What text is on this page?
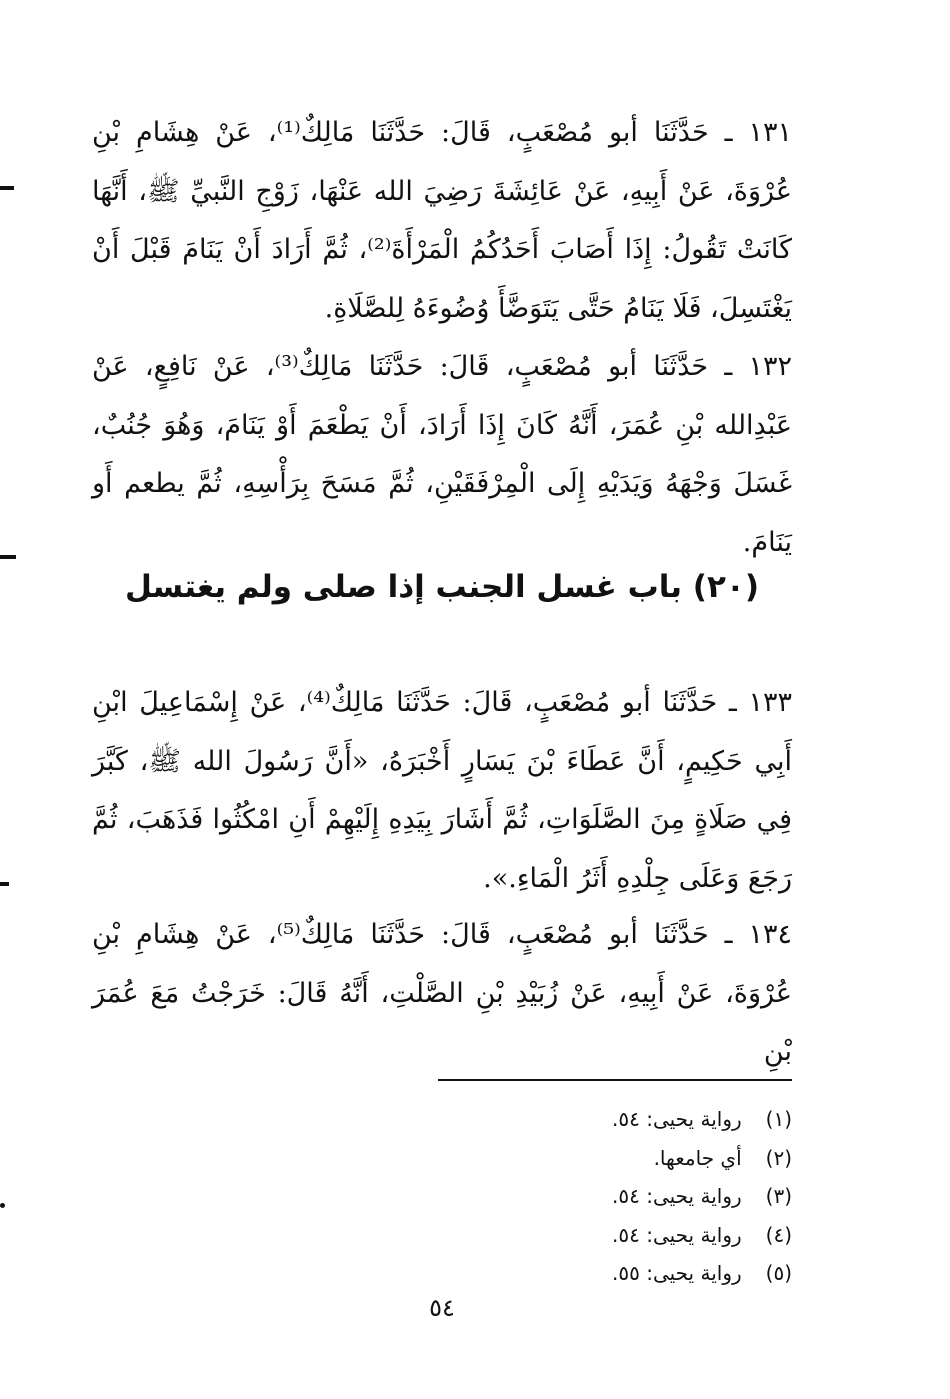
١٣١ ـ حَدَّثَنَا أبو مُصْعَبٍ، قَالَ: حَدَّثَنَا مَالِكٌ⁽¹⁾، عَنْ هِشَامِ بْنِ عُرْوَةَ، عَنْ أَبِيهِ، عَنْ عَائِشَةَ رَضِيَ الله عَنْهَا، زَوْجِ النَّبيِّ ﷺ، أَنَّهَا كَانَتْ تَقُولُ: إِذَا أَصَابَ أَحَدُكُمُ الْمَرْأَةَ⁽²⁾، ثُمَّ أَرَادَ أَنْ يَنَامَ قَبْلَ أَنْ يَغْتَسِلَ، فَلَا يَنَامُ حَتَّى يَتَوَضَّأَ وُضُوءَهُ لِلصَّلَاةِ.

١٣٢ ـ حَدَّثَنَا أبو مُصْعَبٍ، قَالَ: حَدَّثَنَا مَالِكٌ⁽³⁾، عَنْ نَافِعٍ، عَنْ عَبْدِالله بْنِ عُمَرَ، أَنَّهُ كَانَ إِذَا أَرَادَ، أَنْ يَطْعَمَ أَوْ يَنَامَ، وَهُوَ جُنُبٌ، غَسَلَ وَجْهَهُ وَيَدَيْهِ إِلَى الْمِرْفَقَيْنِ، ثُمَّ مَسَحَ بِرَأْسِهِ، ثُمَّ يطعم أَو يَنَامَ.

(٢٠) باب غسل الجنب إذا صلى ولم يغتسل

١٣٣ ـ حَدَّثَنَا أبو مُصْعَبٍ، قَالَ: حَدَّثَنَا مَالِكٌ⁽⁴⁾، عَنْ إِسْمَاعِيلَ ابْنِ أَبِي حَكِيمٍ، أَنَّ عَطَاءَ بْنَ يَسَارٍ أَخْبَرَهُ، «أَنَّ رَسُولَ الله ﷺ، كَبَّرَ فِي صَلَاةٍ مِنَ الصَّلَوَاتِ، ثُمَّ أَشَارَ بِيَدِهِ إِلَيْهِمْ أَنِ امْكُثُوا فَذَهَبَ، ثُمَّ رَجَعَ وَعَلَى جِلْدِهِ أَثَرُ الْمَاءِ.».

١٣٤ ـ حَدَّثَنَا أبو مُصْعَبٍ، قَالَ: حَدَّثَنَا مَالِكٌ⁽⁵⁾، عَنْ هِشَامِ بْنِ عُرْوَةَ، عَنْ أَبِيهِ، عَنْ زُبَيْدِ بْنِ الصَّلْتِ، أَنَّهُ قَالَ: خَرَجْتُ مَعَ عُمَرَ بْنِ

(١) رواية يحيى: ٥٤.
(٢) أي جامعها.
(٣) رواية يحيى: ٥٤.
(٤) رواية يحيى: ٥٤.
(٥) رواية يحيى: ٥٥.
٥٤
